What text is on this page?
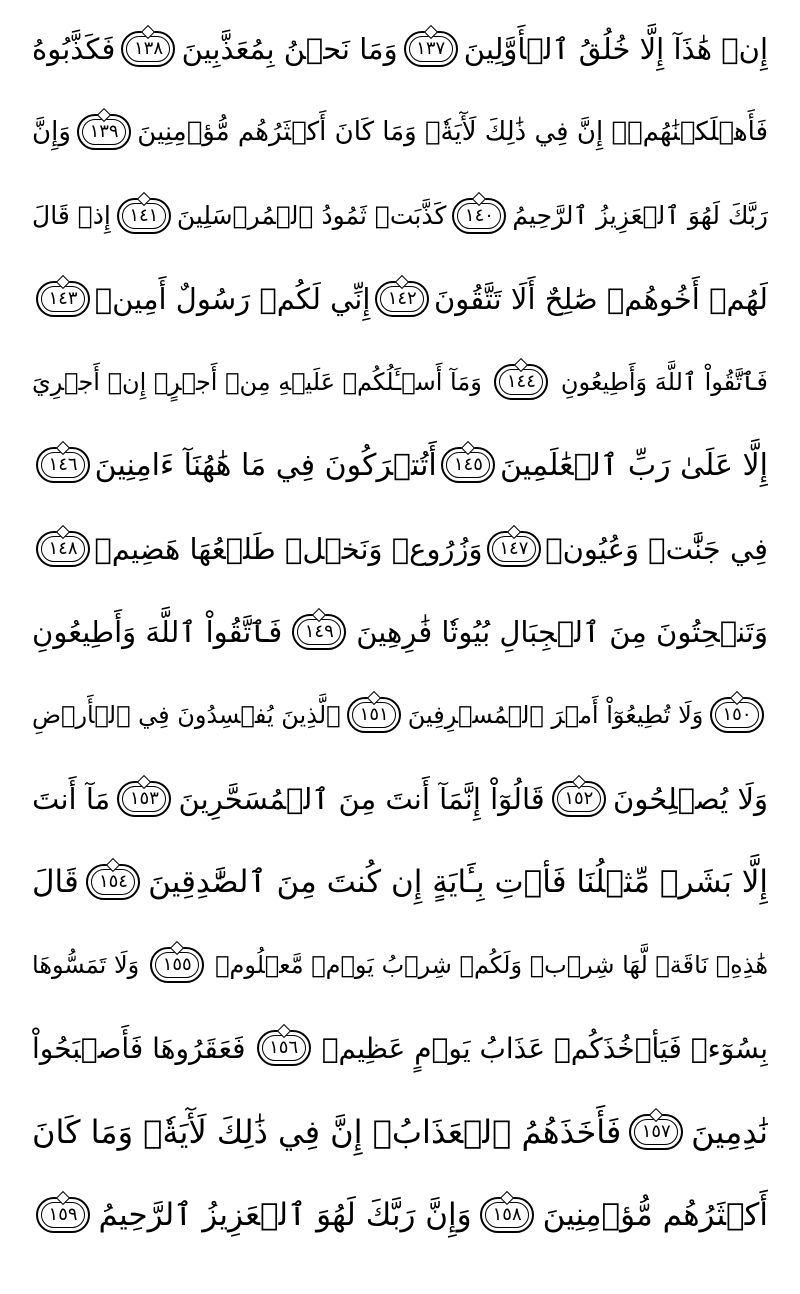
إِنۡ هَٰذَآ إِلَّا خُلُقُ ٱلۡأَوَّلِينَ
١٣٧
وَمَا نَحۡنُ بِمُعَذَّبِينَ
١٣٨
فَكَذَّبُوهُ
فَأَهۡلَكۡنَٰهُمۡۚ إِنَّ فِي ذَٰلِكَ لَأٓيَةٗۖ وَمَا كَانَ أَكۡثَرُهُم مُّؤۡمِنِينَ
١٣٩
وَإِنَّ
رَبَّكَ لَهُوَ ٱلۡعَزِيزُ ٱلرَّحِيمُ
١٤٠
كَذَّبَتۡ ثَمُودُ ٱلۡمُرۡسَلِينَ
١٤١
إِذۡ قَالَ
لَهُمۡ أَخُوهُمۡ صَٰلِحٌ أَلَا تَتَّقُونَ
١٤٢
إِنِّي لَكُمۡ رَسُولٌ أَمِينٞ
١٤٣
فَٱتَّقُواْ ٱللَّهَ وَأَطِيعُونِ
١٤٤
وَمَآ أَسۡـَٔلُكُمۡ عَلَيۡهِ مِنۡ أَجۡرٍۖ إِنۡ أَجۡرِيَ
إِلَّا عَلَىٰ رَبِّ ٱلۡعَٰلَمِينَ
١٤٥
أَتُتۡرَكُونَ فِي مَا هَٰهُنَآ ءَامِنِينَ
١٤٦
فِي جَنَّٰتٖ وَعُيُونٖ
١٤٧
وَزُرُوعٖ وَنَخۡلٖ طَلۡعُهَا هَضِيمٞ
١٤٨
وَتَنۡحِتُونَ مِنَ ٱلۡجِبَالِ بُيُوتٗا فَٰرِهِينَ
١٤٩
فَٱتَّقُواْ ٱللَّهَ وَأَطِيعُونِ
١٥٠
وَلَا تُطِيعُوٓاْ أَمۡرَ ٱلۡمُسۡرِفِينَ
١٥١
ٱلَّذِينَ يُفۡسِدُونَ فِي ٱلۡأَرۡضِ
وَلَا يُصۡلِحُونَ
١٥٢
قَالُوٓاْ إِنَّمَآ أَنتَ مِنَ ٱلۡمُسَحَّرِينَ
١٥٣
مَآ أَنتَ
إِلَّا بَشَرٞ مِّثۡلُنَا فَأۡتِ بِـَٔايَةٍ إِن كُنتَ مِنَ ٱلصَّٰدِقِينَ
١٥٤
قَالَ
هَٰذِهِۦ نَاقَةٞ لَّهَا شِرۡبٞ وَلَكُمۡ شِرۡبُ يَوۡمٖ مَّعۡلُومٖ
١٥٥
وَلَا تَمَسُّوهَا
بِسُوٓءٖ فَيَأۡخُذَكُمۡ عَذَابُ يَوۡمٍ عَظِيمٖ
١٥٦
فَعَقَرُوهَا فَأَصۡبَحُواْ
نَٰدِمِينَ
١٥٧
فَأَخَذَهُمُ ٱلۡعَذَابُۚ إِنَّ فِي ذَٰلِكَ لَأٓيَةٗۖ وَمَا كَانَ
أَكۡثَرُهُم مُّؤۡمِنِينَ
١٥٨
وَإِنَّ رَبَّكَ لَهُوَ ٱلۡعَزِيزُ ٱلرَّحِيمُ
١٥٩
